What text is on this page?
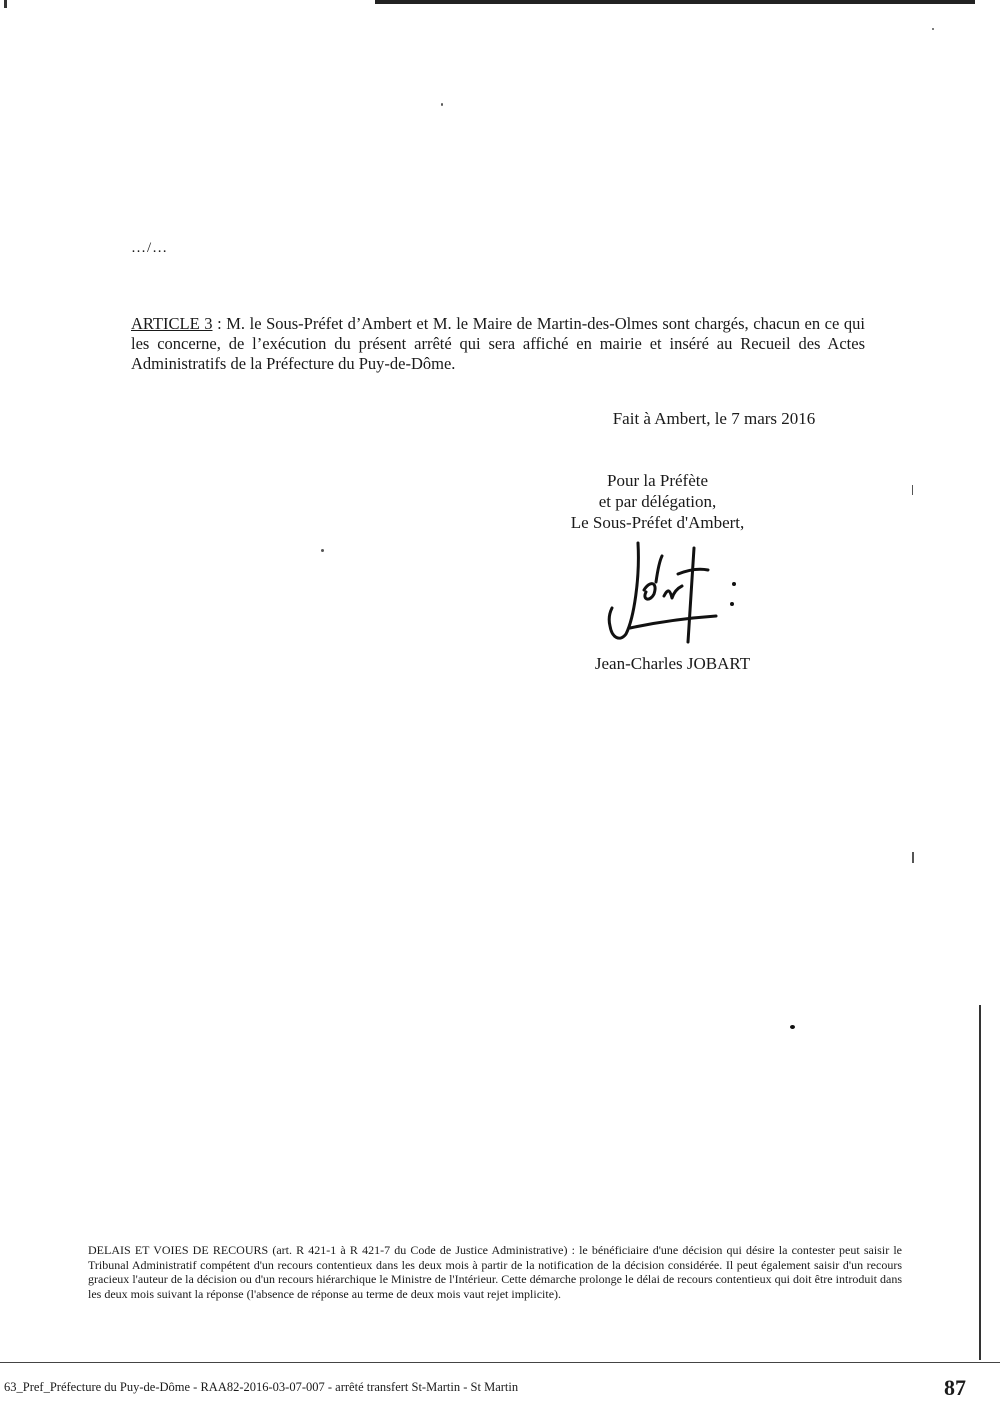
…/…

ARTICLE 3 : M. le Sous-Préfet d’Ambert et M. le Maire de Martin-des-Olmes sont chargés, chacun en ce qui les concerne, de l’exécution du présent arrêté qui sera affiché en mairie et inséré au Recueil des Actes Administratifs de la Préfecture du Puy-de-Dôme.

Fait à Ambert, le 7 mars 2016
Pour la Préfète
et par délégation,
Le Sous-Préfet d'Ambert,
Jean-Charles JOBART

DELAIS ET VOIES DE RECOURS (art. R 421-1 à R 421-7 du Code de Justice Administrative) : le bénéficiaire d'une décision qui désire la contester peut saisir le Tribunal Administratif compétent d'un recours contentieux dans les deux mois à partir de la notification de la décision considérée. Il peut également saisir d'un recours gracieux l'auteur de la décision ou d'un recours hiérarchique le Ministre de l'Intérieur. Cette démarche prolonge le délai de recours contentieux qui doit être introduit dans les deux mois suivant la réponse (l'absence de réponse au terme de deux mois vaut rejet implicite).

63_Pref_Préfecture du Puy-de-Dôme - RAA82-2016-03-07-007 - arrêté transfert St-Martin - St Martin	87
